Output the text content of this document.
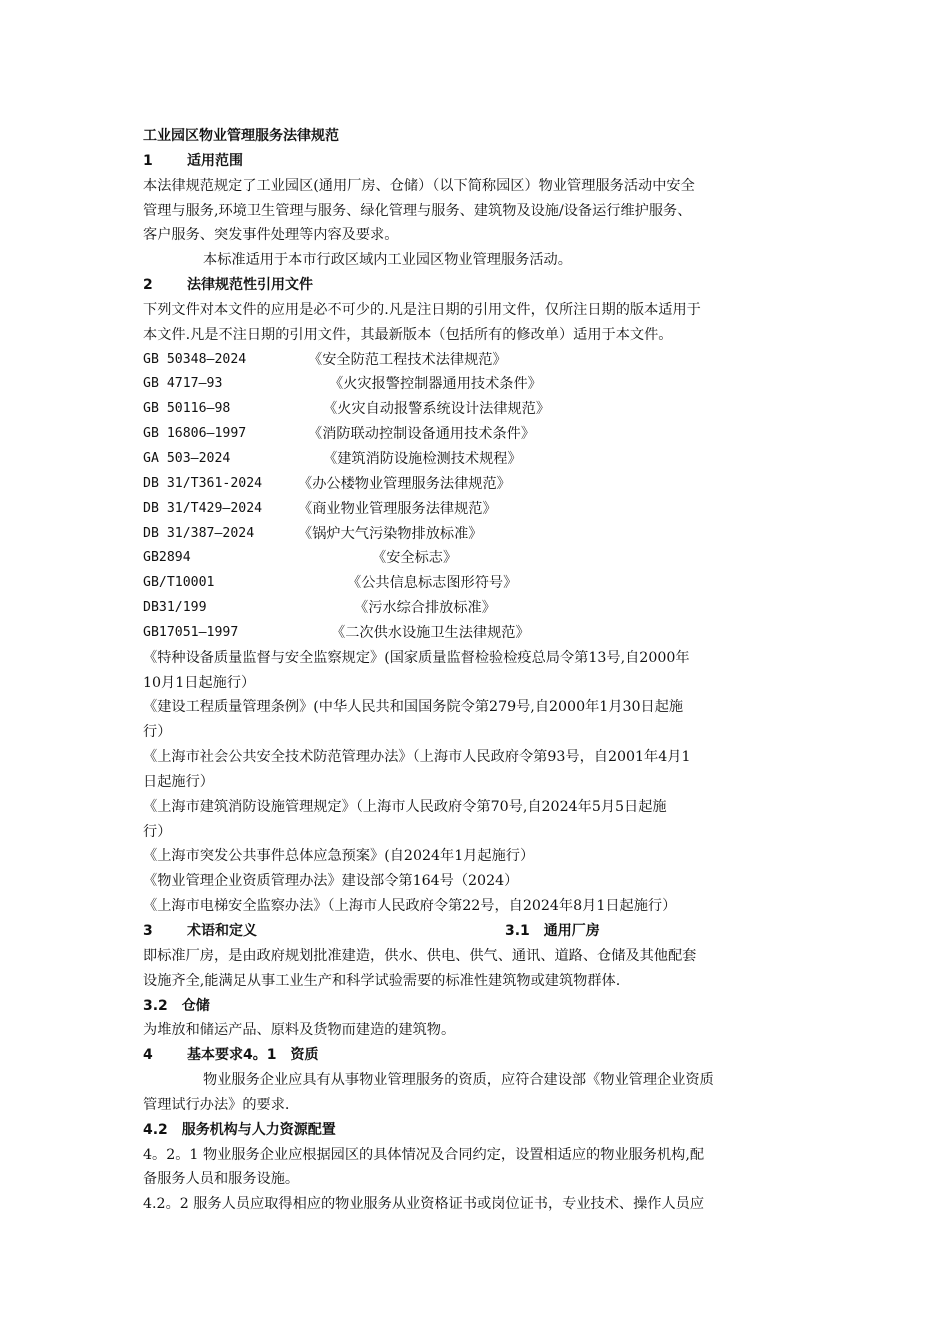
工业园区物业管理服务法律规范
1 适用范围
本法律规范规定了工业园区(通用厂房、仓储）（以下简称园区）物业管理服务活动中安全
管理与服务,环境卫生管理与服务、绿化管理与服务、建筑物及设施/设备运行维护服务、
客户服务、突发事件处理等内容及要求。
本标准适用于本市行政区域内工业园区物业管理服务活动。
2 法律规范性引用文件
下列文件对本文件的应用是必不可少的.凡是注日期的引用文件，仅所注日期的版本适用于
本文件.凡是不注日期的引用文件，其最新版本（包括所有的修改单）适用于本文件。
GB 50348—2024	《安全防范工程技术法律规范》
GB 4717—93	《火灾报警控制器通用技术条件》
GB 50116—98	《火灾自动报警系统设计法律规范》
GB 16806—1997	《消防联动控制设备通用技术条件》
GA 503—2024	《建筑消防设施检测技术规程》
DB 31/T361-2024	《办公楼物业管理服务法律规范》
DB 31/T429—2024	《商业物业管理服务法律规范》
DB 31/387—2024	《锅炉大气污染物排放标准》
GB2894	《安全标志》
GB/T10001	《公共信息标志图形符号》
DB31/199	《污水综合排放标准》
GB17051—1997	《二次供水设施卫生法律规范》
《特种设备质量监督与安全监察规定》(国家质量监督检验检疫总局令第13号,自2000年
10月1日起施行）
《建设工程质量管理条例》(中华人民共和国国务院令第279号,自2000年1月30日起施
行）
《上海市社会公共安全技术防范管理办法》（上海市人民政府令第93号，自2001年4月1
日起施行）
《上海市建筑消防设施管理规定》（上海市人民政府令第70号,自2024年5月5日起施
行）
《上海市突发公共事件总体应急预案》(自2024年1月起施行）
《物业管理企业资质管理办法》建设部令第164号（2024）
《上海市电梯安全监察办法》（上海市人民政府令第22号，自2024年8月1日起施行）
3 术语和定义	3.1　通用厂房
即标准厂房，是由政府规划批准建造，供水、供电、供气、通讯、道路、仓储及其他配套
设施齐全,能满足从事工业生产和科学试验需要的标准性建筑物或建筑物群体.
3.2　仓储
为堆放和储运产品、原料及货物而建造的建筑物。
4 基本要求4。1　资质
物业服务企业应具有从事物业管理服务的资质，应符合建设部《物业管理企业资质
管理试行办法》的要求.
4.2　服务机构与人力资源配置
4。2。1 物业服务企业应根据园区的具体情况及合同约定，设置相适应的物业服务机构,配
备服务人员和服务设施。
4.2。2 服务人员应取得相应的物业服务从业资格证书或岗位证书，专业技术、操作人员应
